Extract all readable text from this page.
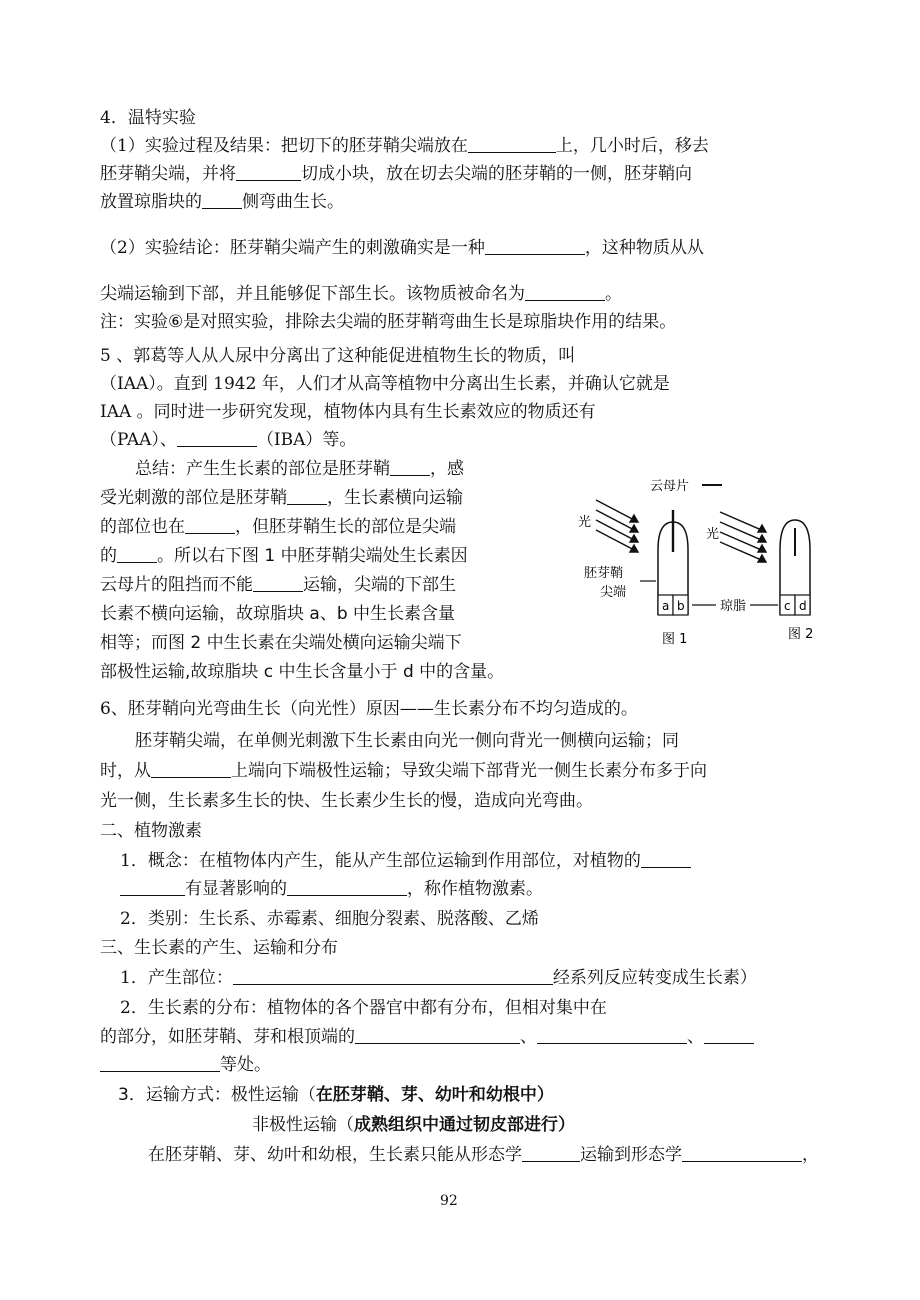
4．温特实验
（1）实验过程及结果：把切下的胚芽鞘尖端放在	上，几小时后，移去
胚芽鞘尖端，并将	切成小块，放在切去尖端的胚芽鞘的一侧，胚芽鞘向
放置琼脂块的 侧弯曲生长。
（2）实验结论：胚芽鞘尖端产生的刺激确实是一种	，这种物质从从
尖端运输到下部，并且能够促下部生长。该物质被命名为	。
注：实验⑥是对照实验，排除去尖端的胚芽鞘弯曲生长是琼脂块作用的结果。
5 、郭葛等人从人尿中分离出了这种能促进植物生长的物质，叫
（IAA）。直到 1942 年，人们才从高等植物中分离出生长素，并确认它就是
IAA 。同时进一步研究发现，植物体内具有生长素效应的物质还有
（PAA）、	（IBA）等。
总结：产生生长素的部位是胚芽鞘 ，感
受光刺激的部位是胚芽鞘 ，生长素横向运输
的部位也在	，但胚芽鞘生长的部位是尖端
的 。所以右下图 1 中胚芽鞘尖端处生长素因
云母片的阻挡而不能	运输，尖端的下部生
长素不横向运输，故琼脂块 a、b 中生长素含量
相等；而图 2 中生长素在尖端处横向运输尖端下
部极性运输,故琼脂块 c 中生长含量小于 d 中的含量。
云母片
光
a b
胚芽鞘
尖端
琼脂
光
c d
图 1	图 2
6、胚芽鞘向光弯曲生长（向光性）原因——生长素分布不均匀造成的。
胚芽鞘尖端，在单侧光刺激下生长素由向光一侧向背光一侧横向运输；同
时，从	上端向下端极性运输；导致尖端下部背光一侧生长素分布多于向
光一侧，生长素多生长的快、生长素少生长的慢，造成向光弯曲。
二、植物激素
1．概念：在植物体内产生，能从产生部位运输到作用部位，对植物的
有显著影响的	，称作植物激素。
2．类别：生长系、赤霉素、细胞分裂素、脱落酸、乙烯
三、生长素的产生、运输和分布
1．产生部位：	经系列反应转变成生长素）
2．生长素的分布：植物体的各个器官中都有分布，但相对集中在
的部分，如胚芽鞘、芽和根顶端的	、	、
等处。
3．运输方式：极性运输（在胚芽鞘、芽、幼叶和幼根中）
非极性运输（成熟组织中通过韧皮部进行）
在胚芽鞘、芽、幼叶和幼根，生长素只能从形态学	运输到形态学	，
92
